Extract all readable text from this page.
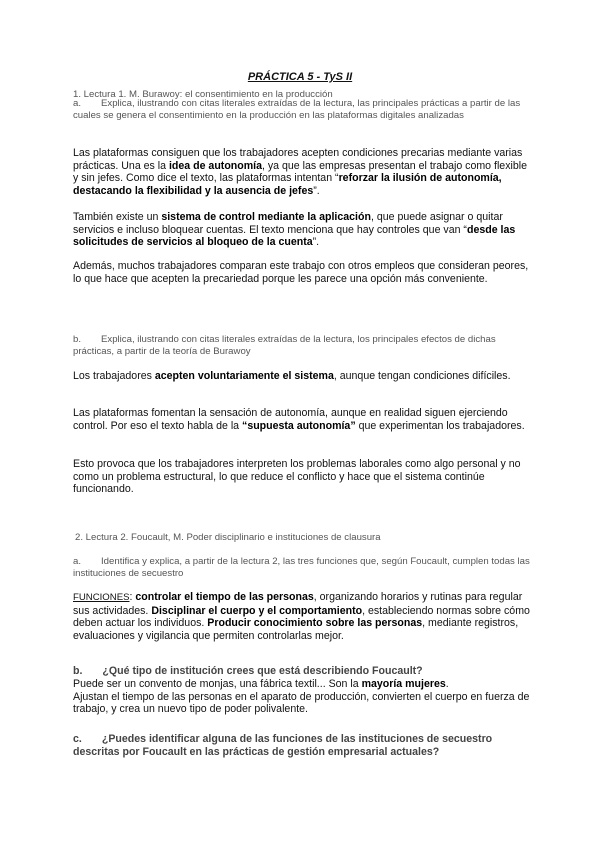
PRÁCTICA 5 - TyS II
1. Lectura 1. M. Burawoy: el consentimiento en la producción
a. Explica, ilustrando con citas literales extraídas de la lectura, las principales prácticas a partir de las cuales se genera el consentimiento en la producción en las plataformas digitales analizadas
Las plataformas consiguen que los trabajadores acepten condiciones precarias mediante varias prácticas. Una es la idea de autonomía, ya que las empresas presentan el trabajo como flexible y sin jefes. Como dice el texto, las plataformas intentan “reforzar la ilusión de autonomía, destacando la flexibilidad y la ausencia de jefes”.
También existe un sistema de control mediante la aplicación, que puede asignar o quitar servicios e incluso bloquear cuentas. El texto menciona que hay controles que van “desde las solicitudes de servicios al bloqueo de la cuenta”.
Además, muchos trabajadores comparan este trabajo con otros empleos que consideran peores, lo que hace que acepten la precariedad porque les parece una opción más conveniente.
b. Explica, ilustrando con citas literales extraídas de la lectura, los principales efectos de dichas prácticas, a partir de la teoría de Burawoy
Los trabajadores acepten voluntariamente el sistema, aunque tengan condiciones difíciles.
Las plataformas fomentan la sensación de autonomía, aunque en realidad siguen ejerciendo control. Por eso el texto habla de la “supuesta autonomía” que experimentan los trabajadores.
Esto provoca que los trabajadores interpreten los problemas laborales como algo personal y no como un problema estructural, lo que reduce el conflicto y hace que el sistema continúe funcionando.
2. Lectura 2. Foucault, M. Poder disciplinario e instituciones de clausura
a. Identifica y explica, a partir de la lectura 2, las tres funciones que, según Foucault, cumplen todas las instituciones de secuestro
FUNCIONES: controlar el tiempo de las personas, organizando horarios y rutinas para regular sus actividades. Disciplinar el cuerpo y el comportamiento, estableciendo normas sobre cómo deben actuar los individuos. Producir conocimiento sobre las personas, mediante registros, evaluaciones y vigilancia que permiten controlarlas mejor.
b. ¿Qué tipo de institución crees que está describiendo Foucault?
Puede ser un convento de monjas, una fábrica textil... Son la mayoría mujeres.
Ajustan el tiempo de las personas en el aparato de producción, convierten el cuerpo en fuerza de trabajo, y crea un nuevo tipo de poder polivalente.
c. ¿Puedes identificar alguna de las funciones de las instituciones de secuestro descritas por Foucault en las prácticas de gestión empresarial actuales?
